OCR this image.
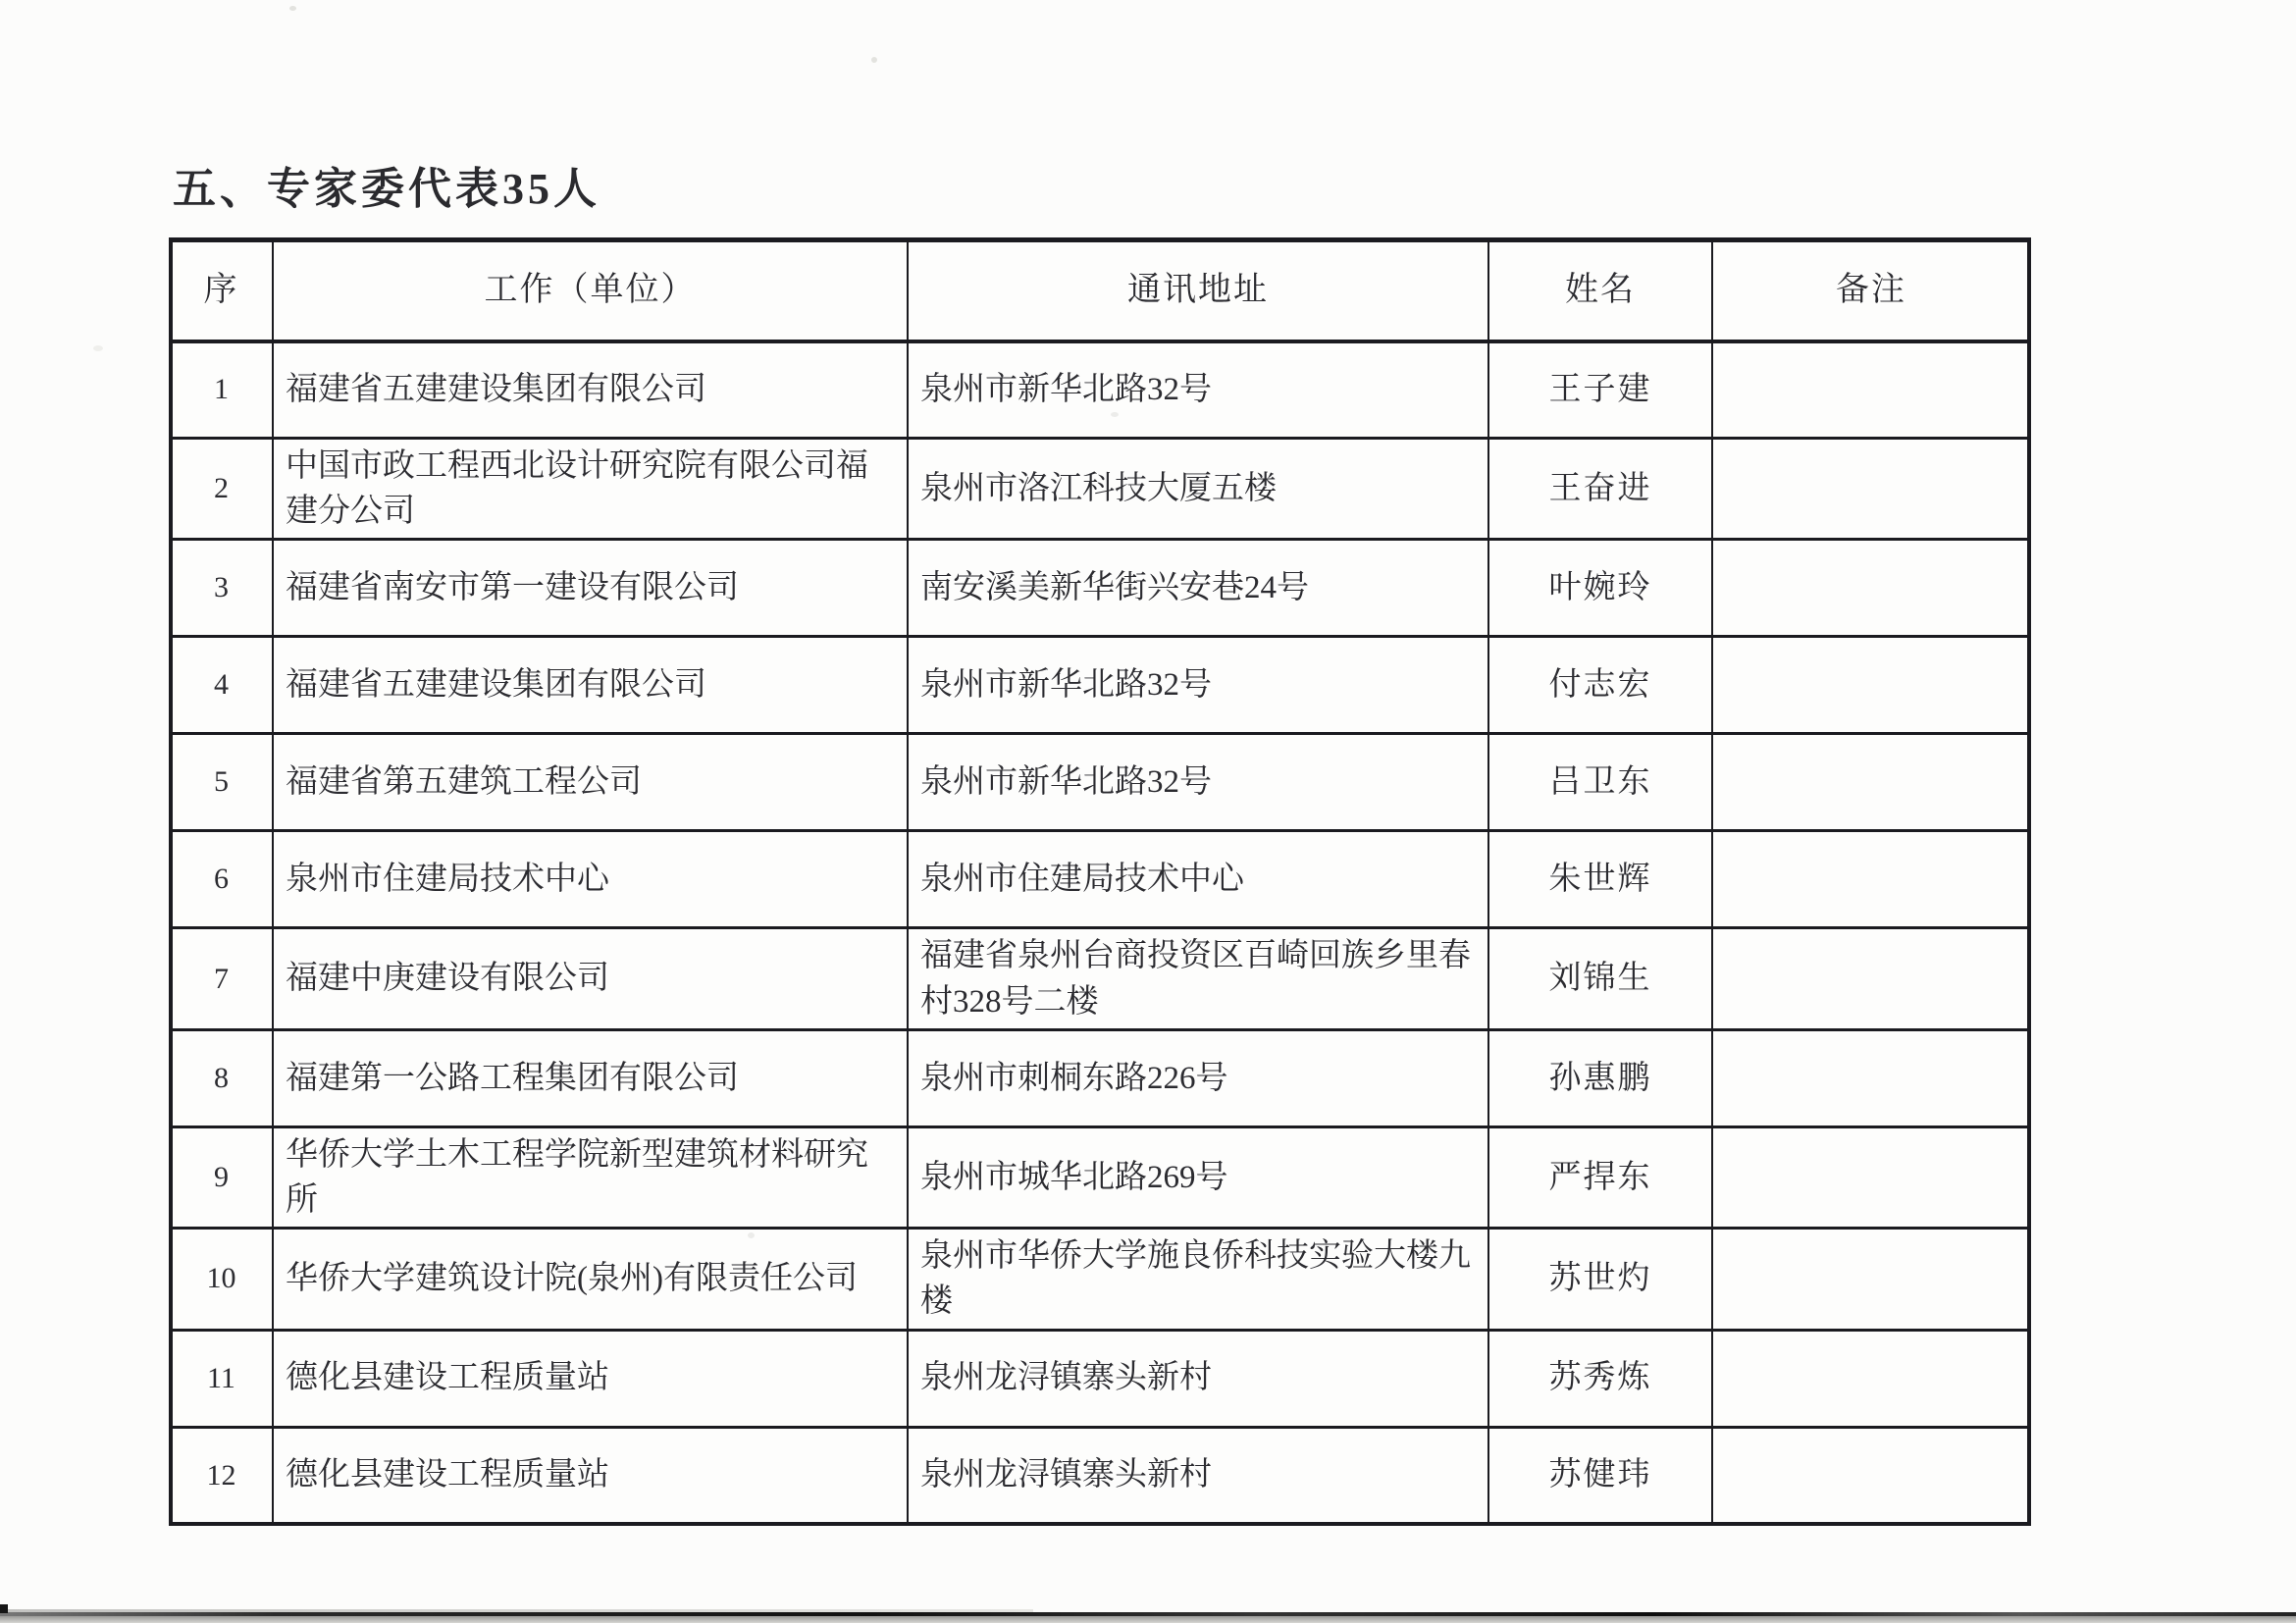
五、专家委代表35人
序	工作（单位）	通讯地址	姓名	备注
1	福建省五建建设集团有限公司	泉州市新华北路32号	王子建	
2	中国市政工程西北设计研究院有限公司福建分公司	泉州市洛江科技大厦五楼	王奋进	
3	福建省南安市第一建设有限公司	南安溪美新华街兴安巷24号	叶婉玲	
4	福建省五建建设集团有限公司	泉州市新华北路32号	付志宏	
5	福建省第五建筑工程公司	泉州市新华北路32号	吕卫东	
6	泉州市住建局技术中心	泉州市住建局技术中心	朱世辉	
7	福建中庚建设有限公司	福建省泉州台商投资区百崎回族乡里春村328号二楼	刘锦生	
8	福建第一公路工程集团有限公司	泉州市刺桐东路226号	孙惠鹏	
9	华侨大学土木工程学院新型建筑材料研究所	泉州市城华北路269号	严捍东	
10	华侨大学建筑设计院(泉州)有限责任公司	泉州市华侨大学施良侨科技实验大楼九楼	苏世灼	
11	德化县建设工程质量站	泉州龙浔镇寨头新村	苏秀炼	
12	德化县建设工程质量站	泉州龙浔镇寨头新村	苏健玮	
